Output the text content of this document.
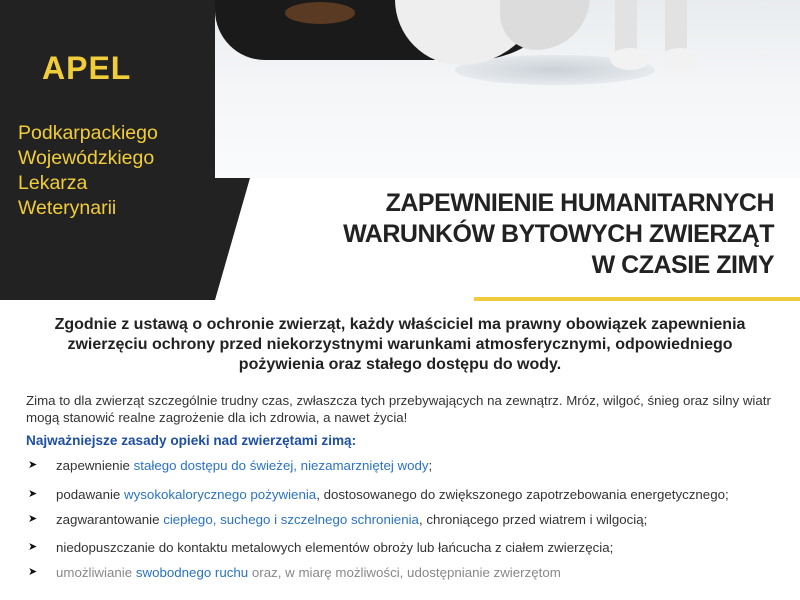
APEL
Podkarpackiego
Wojewódzkiego
Lekarza
Weterynarii	ZAPEWNIENIE HUMANITARNYCH
WARUNKÓW BYTOWYCH ZWIERZĄT
W CZASIE ZIMY
Zgodnie z ustawą o ochronie zwierząt, każdy właściciel ma prawny obowiązek zapewnienia zwierzęciu ochrony przed niekorzystnymi warunkami atmosferycznymi, odpowiedniego pożywienia oraz stałego dostępu do wody.
Zima to dla zwierząt szczególnie trudny czas, zwłaszcza tych przebywających na zewnątrz. Mróz, wilgoć, śnieg oraz silny wiatr mogą stanowić realne zagrożenie dla ich zdrowia, a nawet życia!
Najważniejsze zasady opieki nad zwierzętami zimą:
➤ zapewnienie stałego dostępu do świeżej, niezamarzniętej wody;
➤ podawanie wysokokalorycznego pożywienia, dostosowanego do zwiększonego zapotrzebowania energetycznego;
➤ zagwarantowanie ciepłego, suchego i szczelnego schronienia, chroniącego przed wiatrem i wilgocią;
➤ niedopuszczanie do kontaktu metalowych elementów obroży lub łańcucha z ciałem zwierzęcia;
➤ umożliwianie swobodnego ruchu oraz, w miarę możliwości, udostępnianie zwierzętom
